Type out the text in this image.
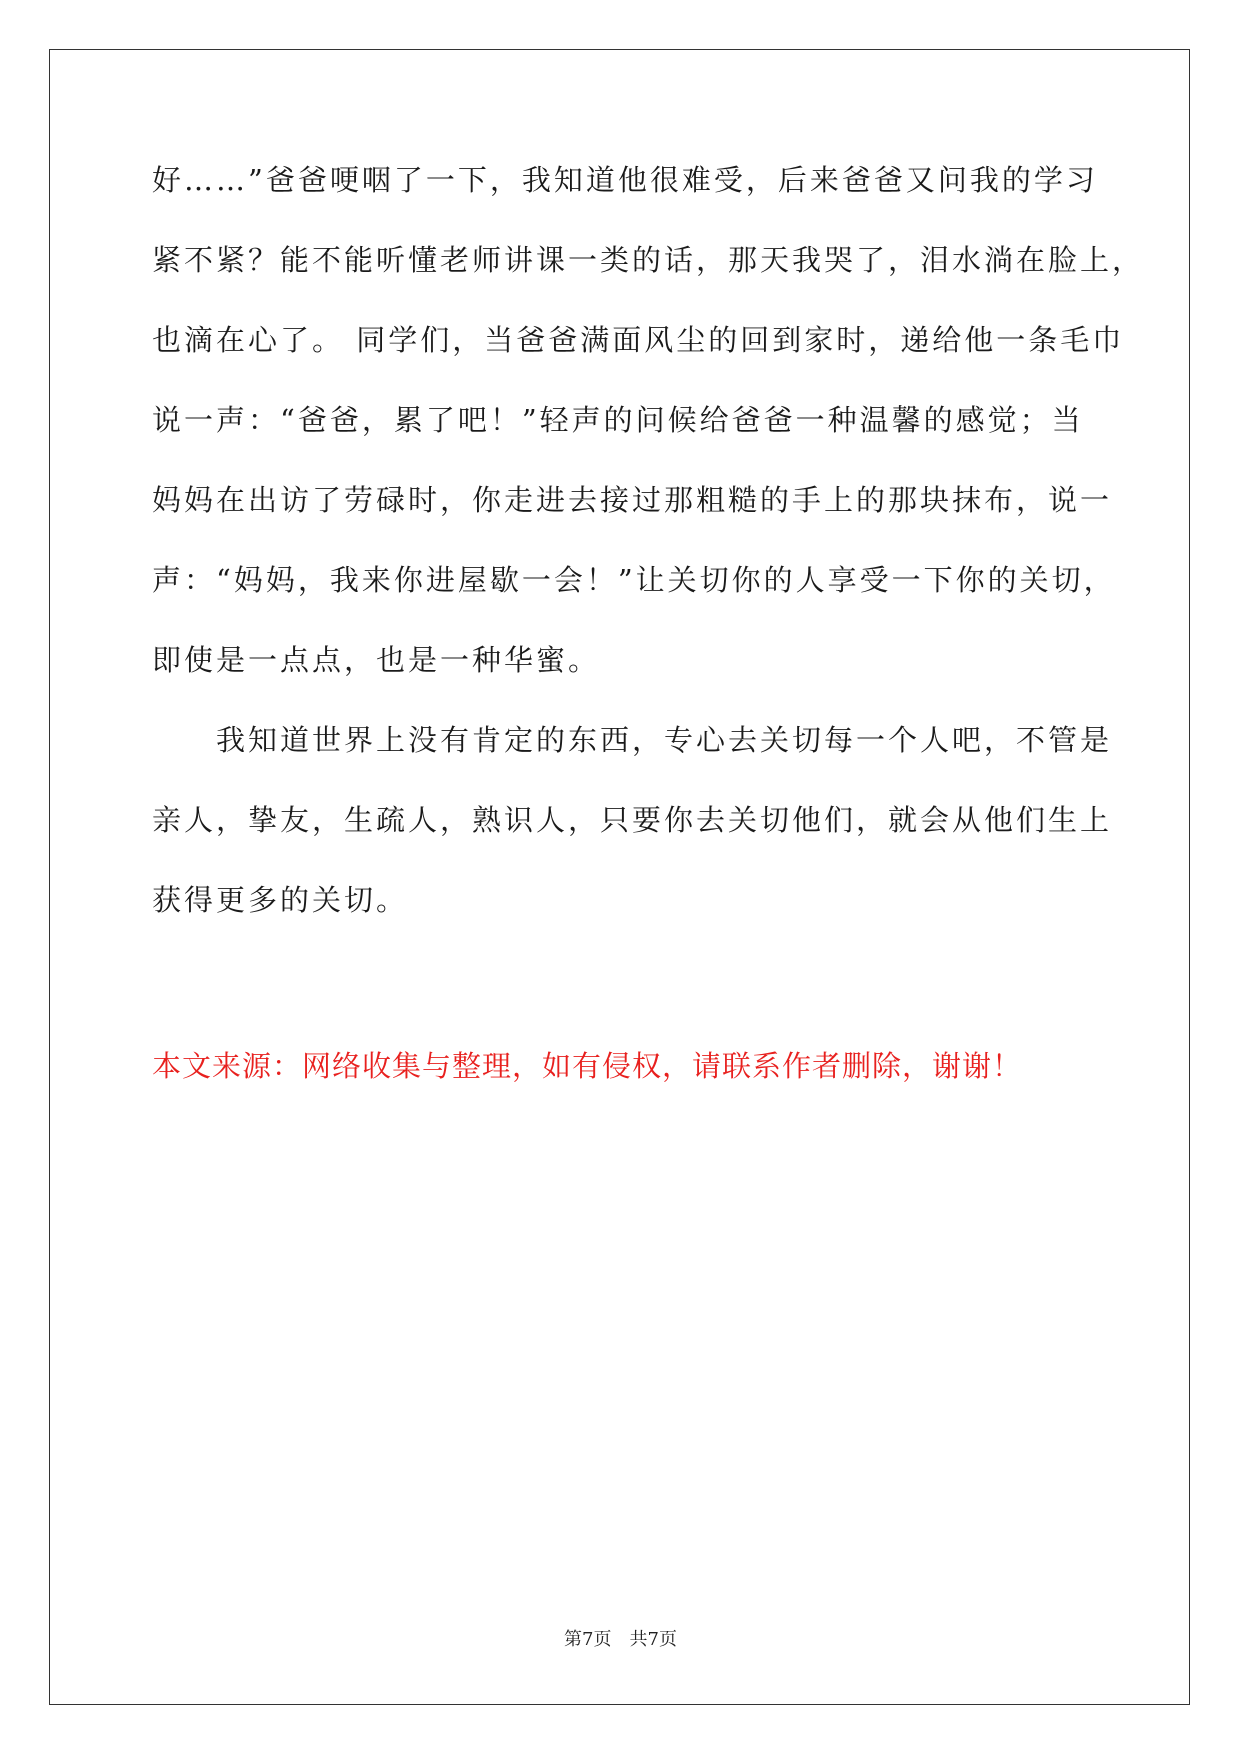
好……”爸爸哽咽了一下，我知道他很难受，后来爸爸又问我的学习
紧不紧？能不能听懂老师讲课一类的话，那天我哭了，泪水淌在脸上，
也滴在心了。 同学们，当爸爸满面风尘的回到家时，递给他一条毛巾
说一声：“爸爸，累了吧！”轻声的问候给爸爸一种温馨的感觉；当
妈妈在出访了劳碌时，你走进去接过那粗糙的手上的那块抹布，说一
声：“妈妈，我来你进屋歇一会！”让关切你的人享受一下你的关切，
即使是一点点，也是一种华蜜。
　　我知道世界上没有肯定的东西，专心去关切每一个人吧，不管是
亲人，挚友，生疏人，熟识人，只要你去关切他们，就会从他们生上
获得更多的关切。
本文来源：网络收集与整理，如有侵权，请联系作者删除，谢谢！
第7页　共7页
